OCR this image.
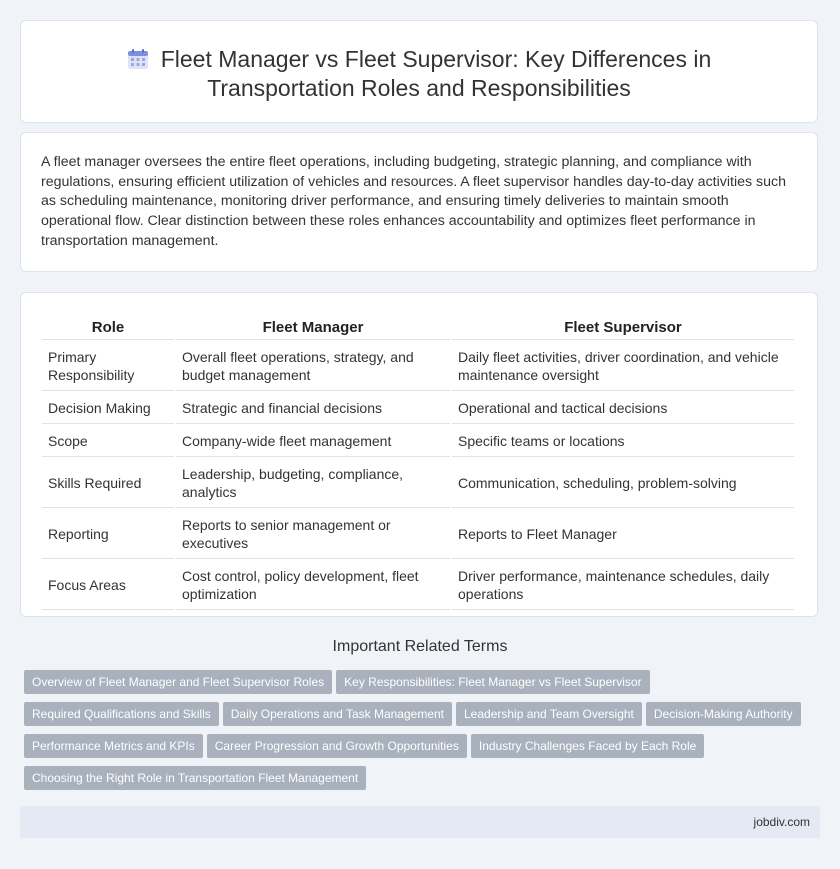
Fleet Manager vs Fleet Supervisor: Key Differences in
Transportation Roles and Responsibilities

A fleet manager oversees the entire fleet operations, including budgeting, strategic planning, and compliance with regulations, ensuring efficient utilization of vehicles and resources. A fleet supervisor handles day-to-day activities such as scheduling maintenance, monitoring driver performance, and ensuring timely deliveries to maintain smooth operational flow. Clear distinction between these roles enhances accountability and optimizes fleet performance in transportation management.

Role	Fleet Manager	Fleet Supervisor
Primary Responsibility	Overall fleet operations, strategy, and budget management	Daily fleet activities, driver coordination, and vehicle maintenance oversight
Decision Making	Strategic and financial decisions	Operational and tactical decisions
Scope	Company-wide fleet management	Specific teams or locations
Skills Required	Leadership, budgeting, compliance, analytics	Communication, scheduling, problem-solving
Reporting	Reports to senior management or executives	Reports to Fleet Manager
Focus Areas	Cost control, policy development, fleet optimization	Driver performance, maintenance schedules, daily operations
Important Related Terms
Overview of Fleet Manager and Fleet Supervisor Roles Key Responsibilities: Fleet Manager vs Fleet Supervisor
Required Qualifications and Skills Daily Operations and Task Management Leadership and Team Oversight Decision-Making Authority
Performance Metrics and KPIs Career Progression and Growth Opportunities Industry Challenges Faced by Each Role
Choosing the Right Role in Transportation Fleet Management
jobdiv.com
